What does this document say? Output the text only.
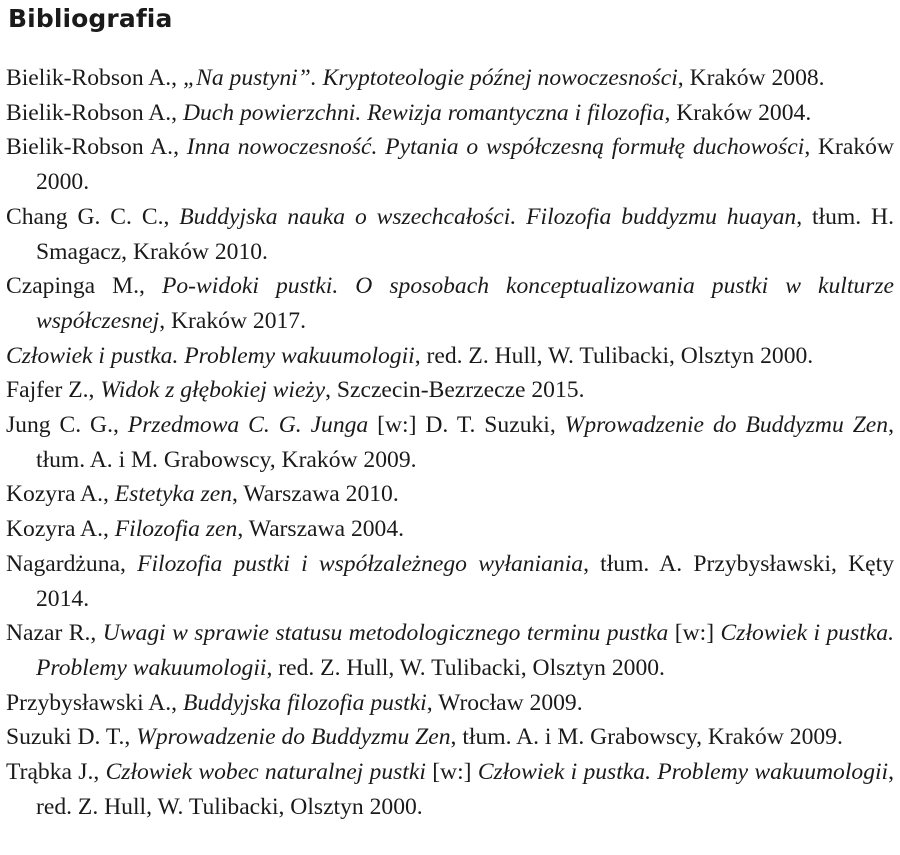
Bibliografia
Bielik-Robson A., „Na pustyni”. Kryptoteologie późnej nowoczesności, Kraków 2008.
Bielik-Robson A., Duch powierzchni. Rewizja romantyczna i filozofia, Kraków 2004.
Bielik-Robson A., Inna nowoczesność. Pytania o współczesną formułę duchowości, Kraków 2000.
Chang G. C. C., Buddyjska nauka o wszechcałości. Filozofia buddyzmu huayan, tłum. H. Smagacz, Kraków 2010.
Czapinga M., Po-widoki pustki. O sposobach konceptualizowania pustki w kulturze współczesnej, Kraków 2017.
Człowiek i pustka. Problemy wakuumologii, red. Z. Hull, W. Tulibacki, Olsztyn 2000.
Fajfer Z., Widok z głębokiej wieży, Szczecin-Bezrzecze 2015.
Jung C. G., Przedmowa C. G. Junga [w:] D. T. Suzuki, Wprowadzenie do Buddyzmu Zen, tłum. A. i M. Grabowscy, Kraków 2009.
Kozyra A., Estetyka zen, Warszawa 2010.
Kozyra A., Filozofia zen, Warszawa 2004.
Nagardżuna, Filozofia pustki i współzależnego wyłaniania, tłum. A. Przybysławski, Kęty 2014.
Nazar R., Uwagi w sprawie statusu metodologicznego terminu pustka [w:] Człowiek i pustka. Problemy wakuumologii, red. Z. Hull, W. Tulibacki, Olsztyn 2000.
Przybysławski A., Buddyjska filozofia pustki, Wrocław 2009.
Suzuki D. T., Wprowadzenie do Buddyzmu Zen, tłum. A. i M. Grabowscy, Kraków 2009.
Trąbka J., Człowiek wobec naturalnej pustki [w:] Człowiek i pustka. Problemy wakuumologii, red. Z. Hull, W. Tulibacki, Olsztyn 2000.
